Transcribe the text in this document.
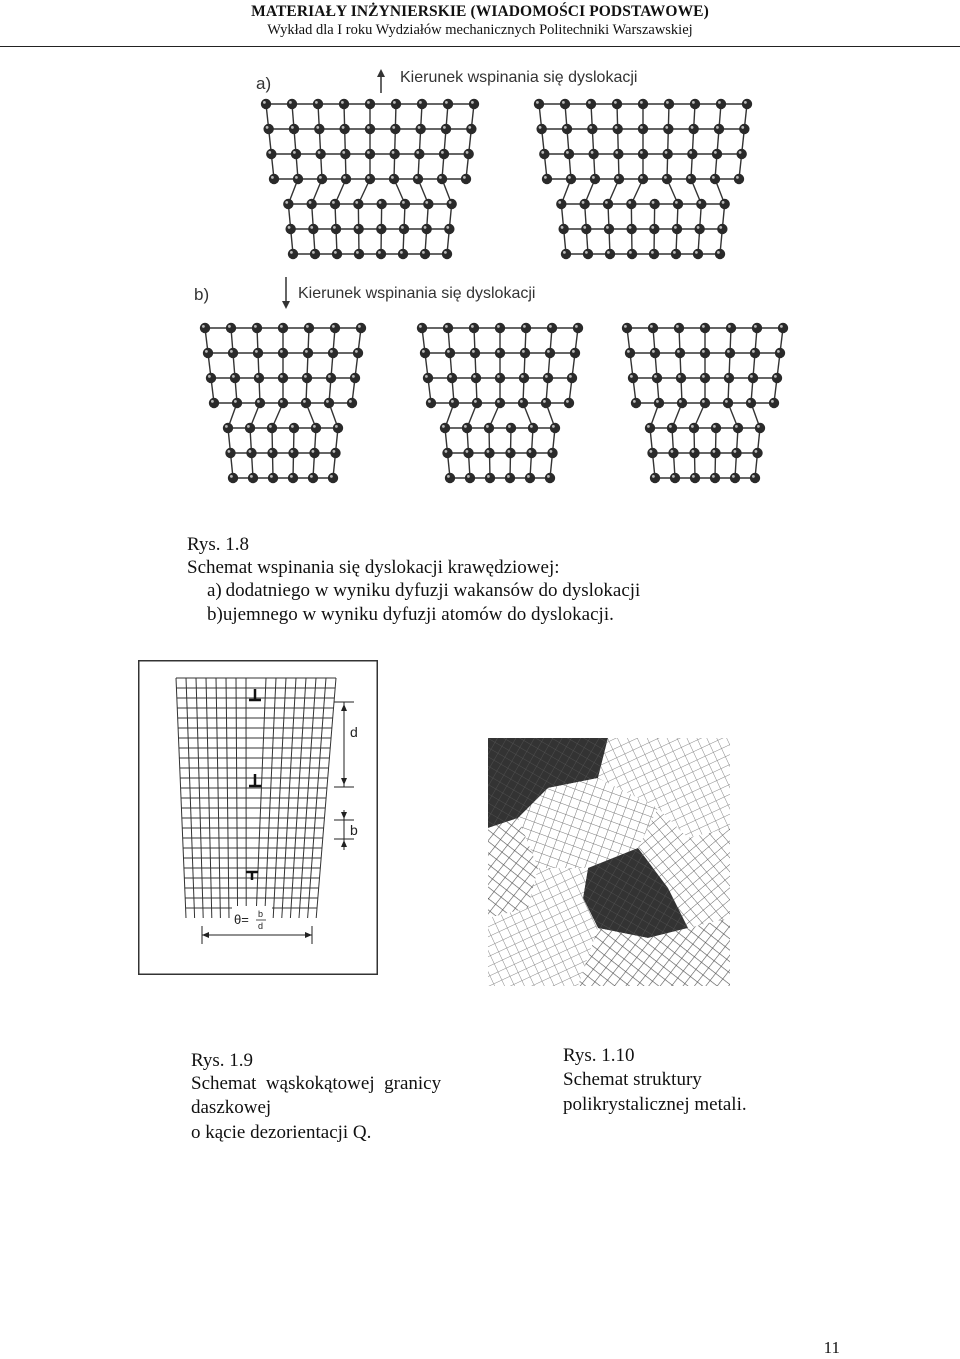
MATERIAŁY INŻYNIERSKIE (WIADOMOŚCI PODSTAWOWE)
Wykład dla I roku Wydziałów mechanicznych Politechniki Warszawskiej
a)	Kierunek wspinania się dyslokacji
b)	Kierunek wspinania się dyslokacji
Rys. 1.8
Schemat wspinania się dyslokacji krawędziowej:
a) dodatniego w wyniku dyfuzji wakansów do dyslokacji
b)ujemnego w wyniku dyfuzji atomów do dyslokacji.
d
b
θ= b
d
Rys. 1.9
Schemat  wąskokątowej  granicy
daszkowej
o kącie dezorientacji Q.
Rys. 1.10
Schemat struktury
polikrystalicznej metali.
11
